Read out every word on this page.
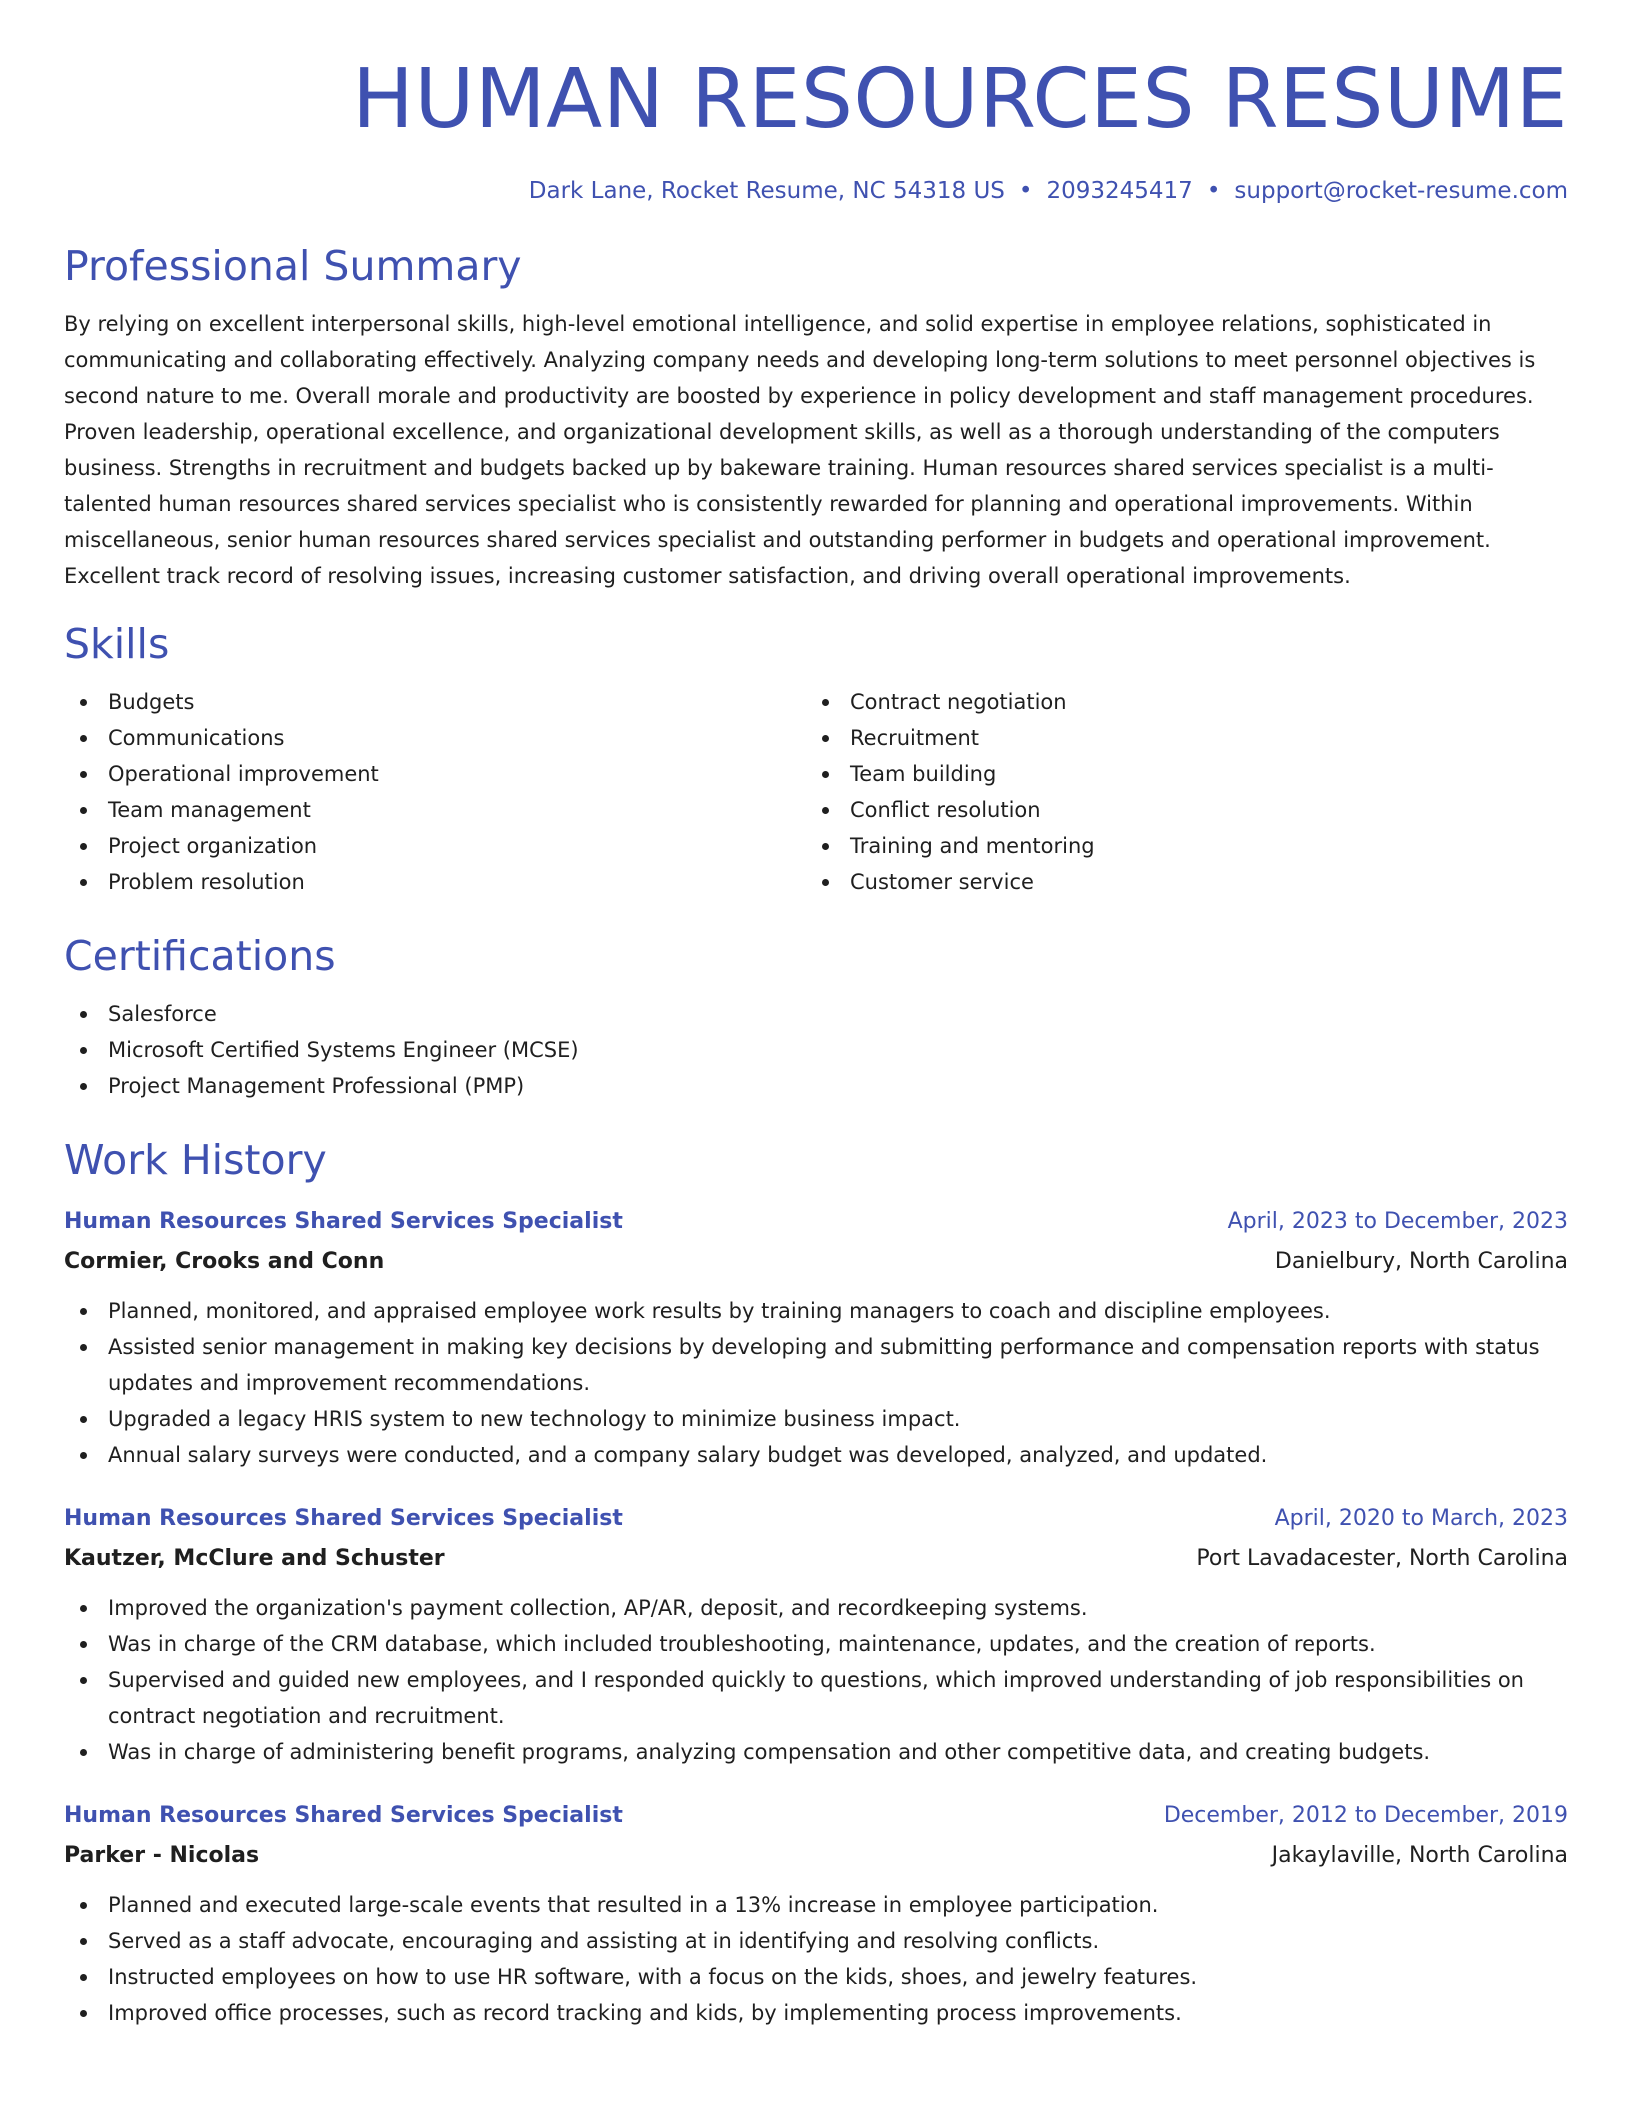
HUMAN RESOURCES RESUME
Dark Lane, Rocket Resume, NC 54318 US • 2093245417 • support@rocket-resume.com
Professional Summary

By relying on excellent interpersonal skills, high-level emotional intelligence, and solid expertise in employee relations, sophisticated in communicating and collaborating effectively. Analyzing company needs and developing long-term solutions to meet personnel objectives is second nature to me. Overall morale and productivity are boosted by experience in policy development and staff management procedures. Proven leadership, operational excellence, and organizational development skills, as well as a thorough understanding of the computers business. Strengths in recruitment and budgets backed up by bakeware training. Human resources shared services specialist is a multi-talented human resources shared services specialist who is consistently rewarded for planning and operational improvements. Within miscellaneous, senior human resources shared services specialist and outstanding performer in budgets and operational improvement. Excellent track record of resolving issues, increasing customer satisfaction, and driving overall operational improvements.

Skills
Budgets
Communications
Operational improvement
Team management
Project organization
Problem resolution
Contract negotiation
Recruitment
Team building
Conflict resolution
Training and mentoring
Customer service
Certifications
Salesforce
Microsoft Certified Systems Engineer (MCSE)
Project Management Professional (PMP)
Work History
Human Resources Shared Services Specialist	April, 2023 to December, 2023
Cormier, Crooks and Conn	Danielbury, North Carolina
Planned, monitored, and appraised employee work results by training managers to coach and discipline employees.
Assisted senior management in making key decisions by developing and submitting performance and compensation reports with status updates and improvement recommendations.
Upgraded a legacy HRIS system to new technology to minimize business impact.
Annual salary surveys were conducted, and a company salary budget was developed, analyzed, and updated.
Human Resources Shared Services Specialist	April, 2020 to March, 2023
Kautzer, McClure and Schuster	Port Lavadacester, North Carolina
Improved the organization's payment collection, AP/AR, deposit, and recordkeeping systems.
Was in charge of the CRM database, which included troubleshooting, maintenance, updates, and the creation of reports.
Supervised and guided new employees, and I responded quickly to questions, which improved understanding of job responsibilities on contract negotiation and recruitment.
Was in charge of administering benefit programs, analyzing compensation and other competitive data, and creating budgets.
Human Resources Shared Services Specialist	December, 2012 to December, 2019
Parker - Nicolas	Jakaylaville, North Carolina
Planned and executed large-scale events that resulted in a 13% increase in employee participation.
Served as a staff advocate, encouraging and assisting at in identifying and resolving conflicts.
Instructed employees on how to use HR software, with a focus on the kids, shoes, and jewelry features.
Improved office processes, such as record tracking and kids, by implementing process improvements.
